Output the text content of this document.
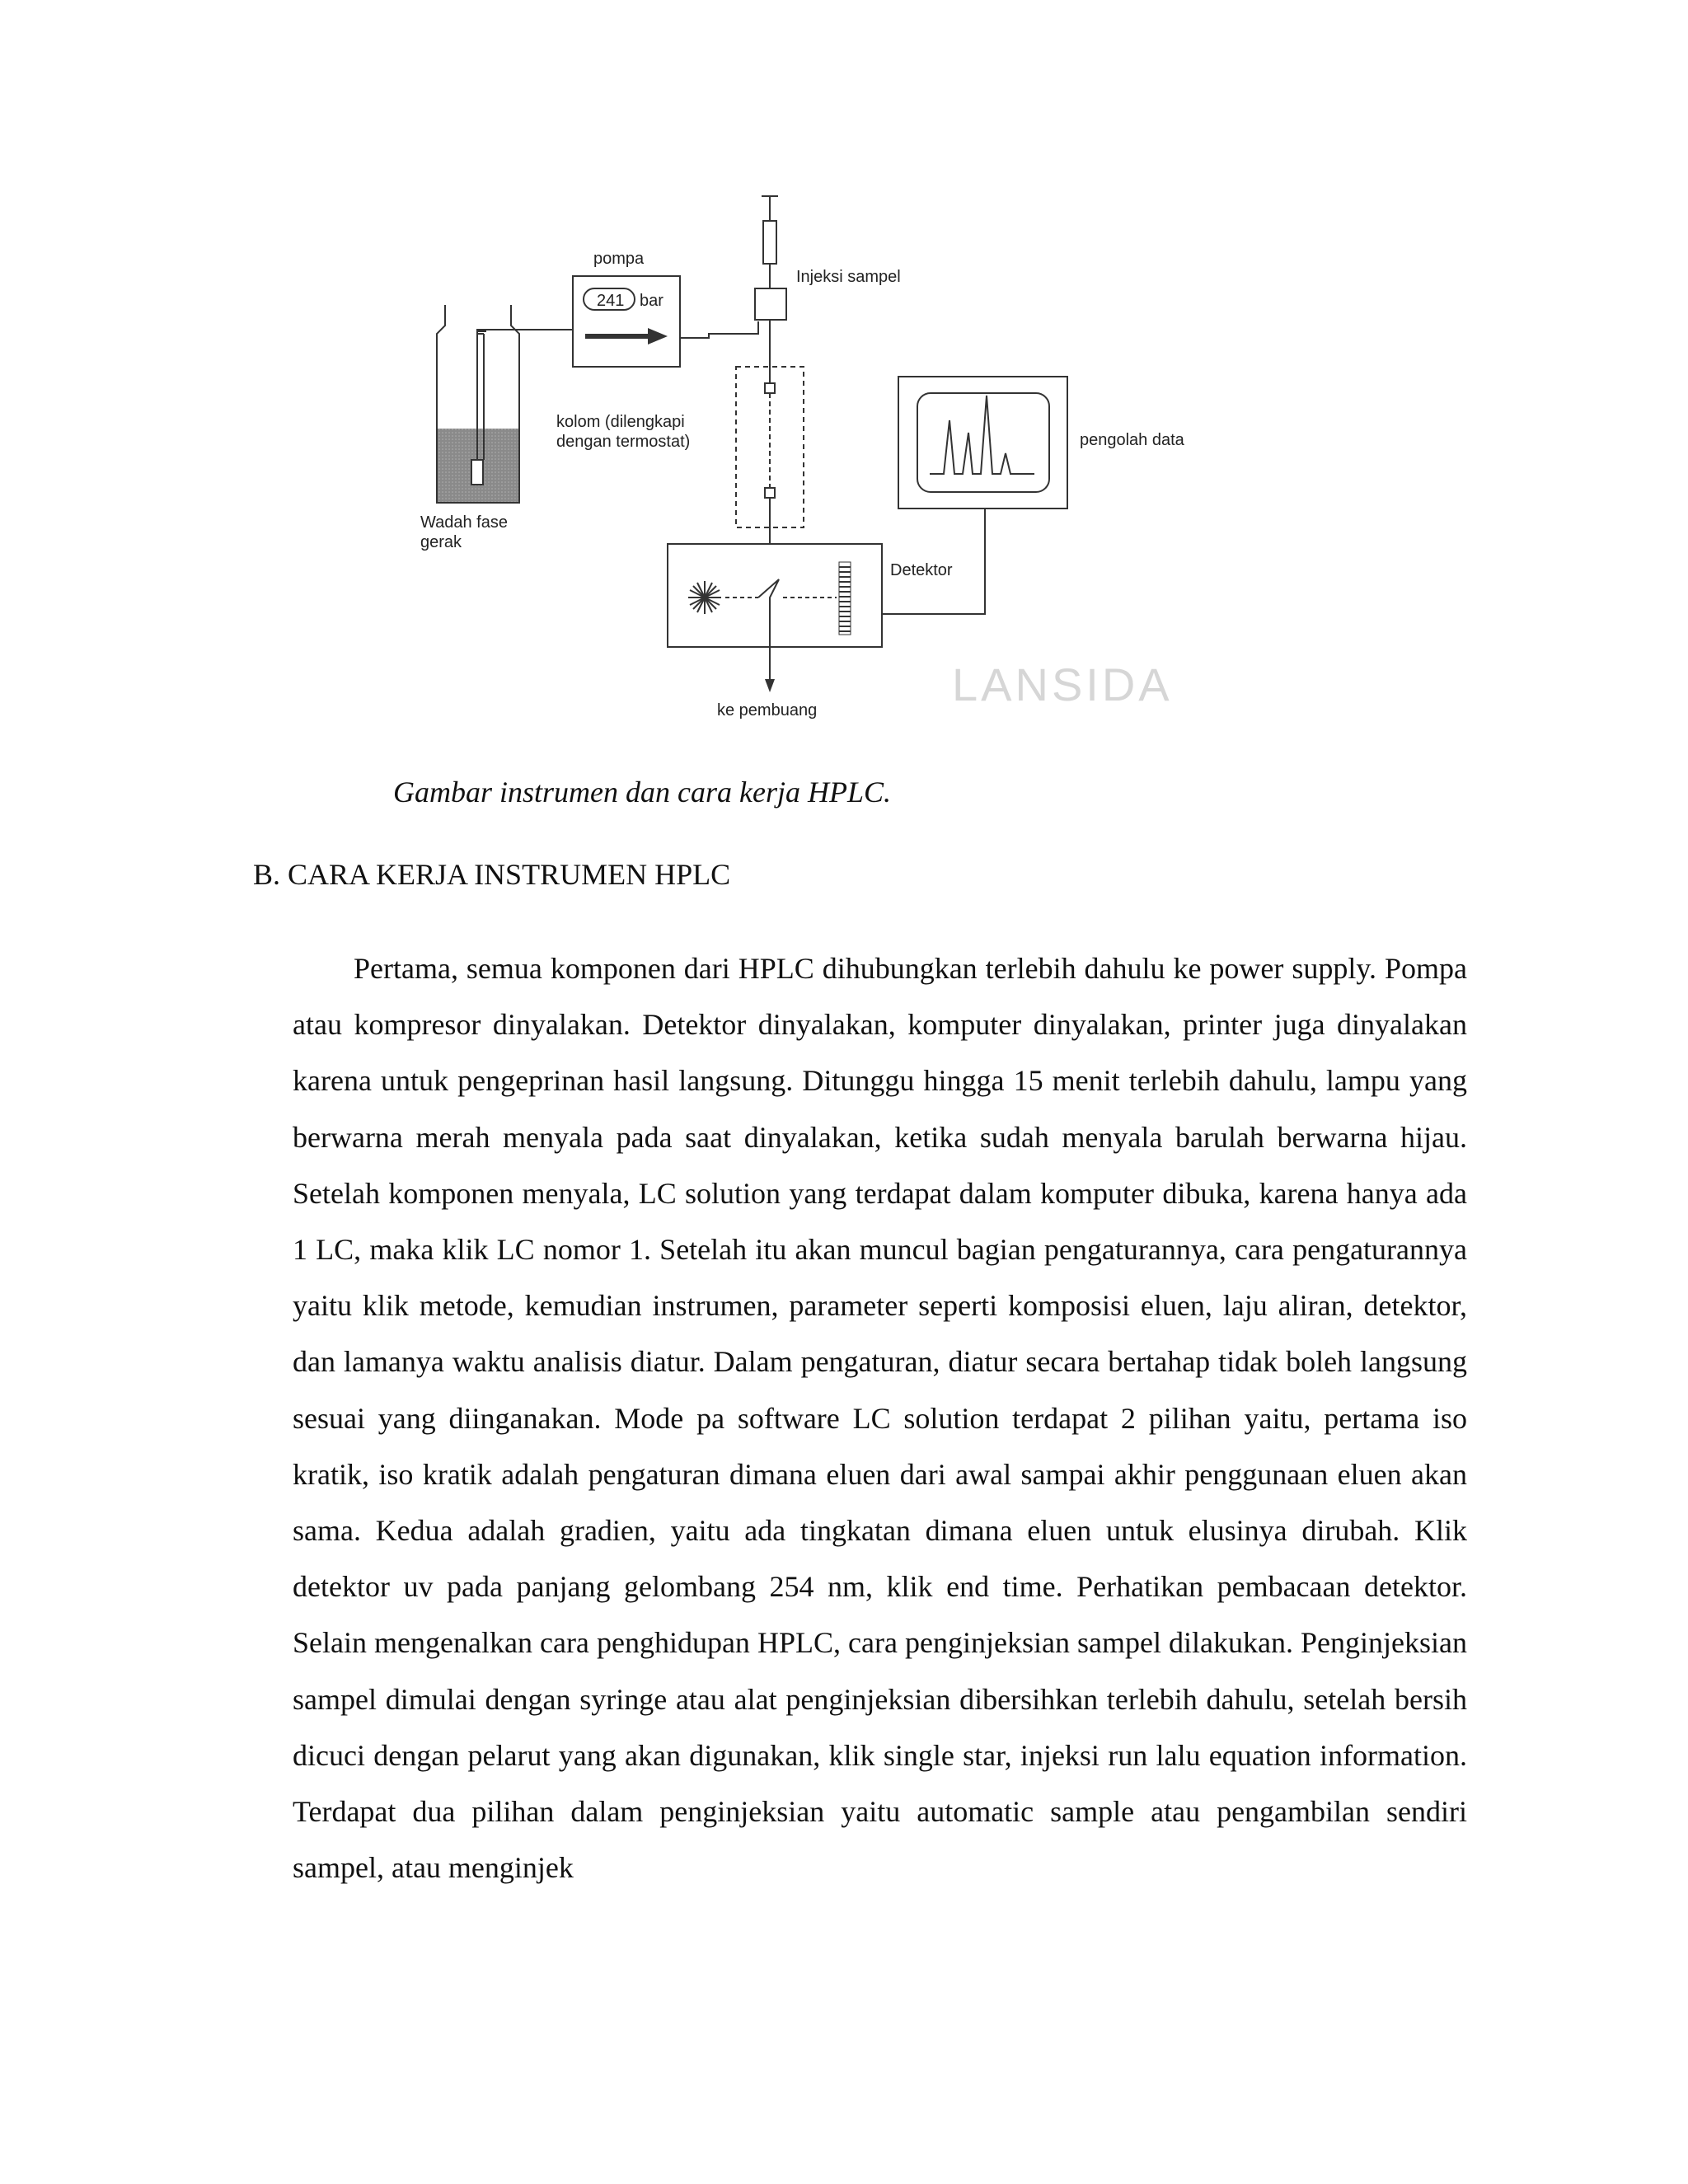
pompa
241 bar
Injeksi sampel
kolom (dilengkapi
dengan termostat)
Wadah fase
gerak
Detektor
ke pembuang
pengolah data
LANSIDA
Gambar instrumen dan cara kerja HPLC.
B. CARA KERJA INSTRUMEN HPLC

Pertama, semua komponen dari HPLC dihubungkan terlebih dahulu ke power supply. Pompa atau kompresor dinyalakan. Detektor dinyalakan, komputer dinyalakan, printer juga dinyalakan karena untuk pengeprinan hasil langsung. Ditunggu hingga 15 menit terlebih dahulu, lampu yang berwarna merah menyala pada saat dinyalakan, ketika sudah menyala barulah berwarna hijau. Setelah komponen menyala, LC solution yang terdapat dalam komputer dibuka, karena hanya ada 1 LC, maka klik LC nomor 1. Setelah itu akan muncul bagian pengaturannya, cara pengaturannya yaitu klik metode, kemudian instrumen, parameter seperti komposisi eluen, laju aliran, detektor, dan lamanya waktu analisis diatur. Dalam pengaturan, diatur secara bertahap tidak boleh langsung sesuai yang diinganakan. Mode pa software LC solution terdapat 2 pilihan yaitu, pertama iso kratik, iso kratik adalah pengaturan dimana eluen dari awal sampai akhir penggunaan eluen akan sama. Kedua adalah gradien, yaitu ada tingkatan dimana eluen untuk elusinya dirubah. Klik detektor uv pada panjang gelombang 254 nm, klik end time. Perhatikan pembacaan detektor. Selain mengenalkan cara penghidupan HPLC, cara penginjeksian sampel dilakukan. Penginjeksian sampel dimulai dengan syringe atau alat penginjeksian dibersihkan terlebih dahulu, setelah bersih dicuci dengan pelarut yang akan digunakan, klik single star, injeksi run lalu equation information. Terdapat dua pilihan dalam penginjeksian yaitu automatic sample atau pengambilan sendiri sampel, atau menginjek
